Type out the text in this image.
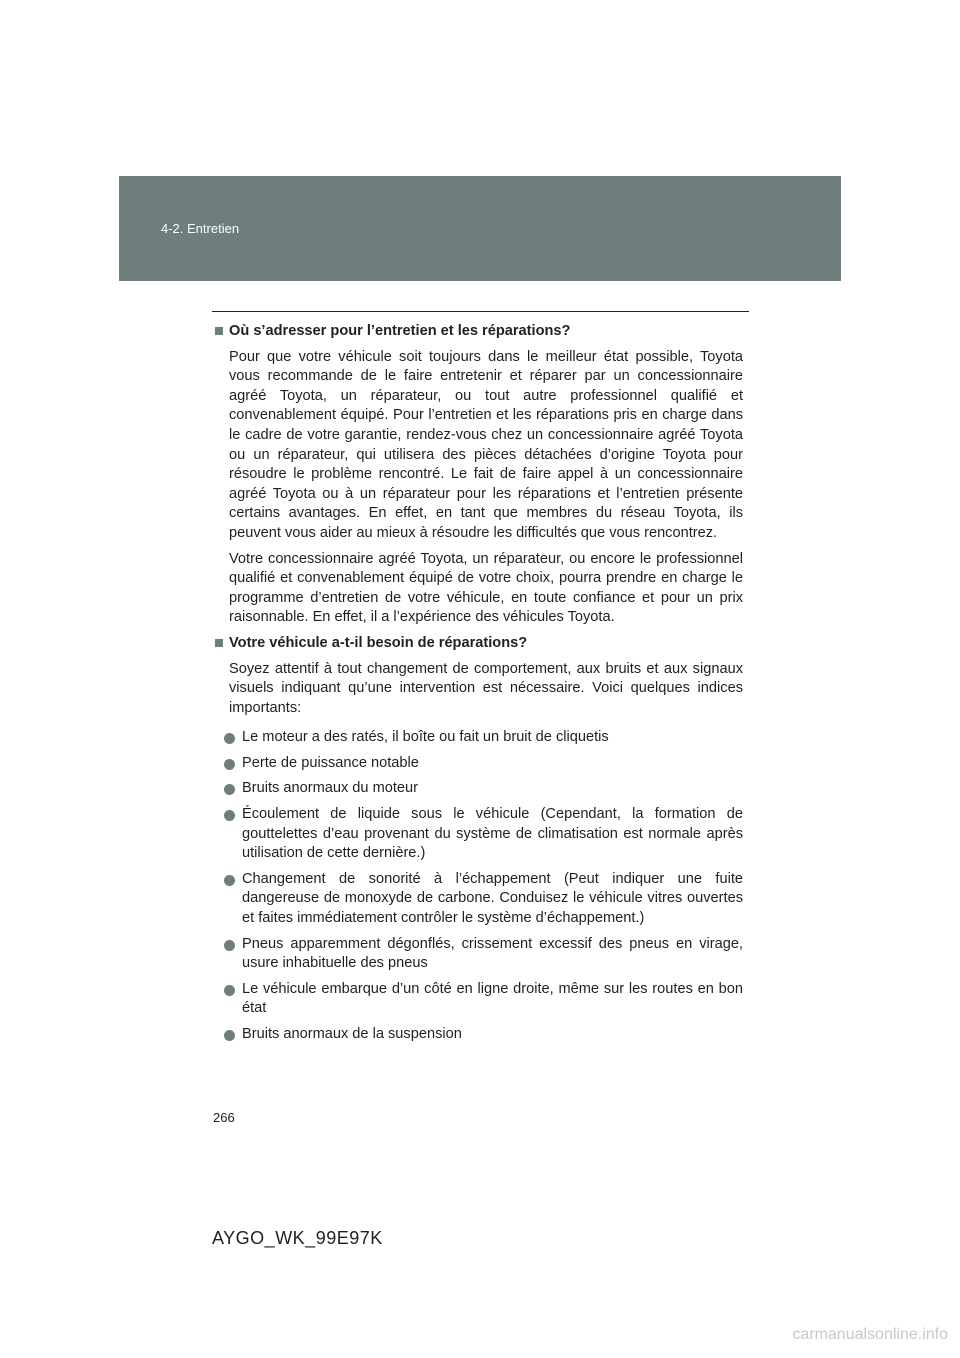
4-2. Entretien
Où s’adresser pour l’entretien et les réparations?
Pour que votre véhicule soit toujours dans le meilleur état possible, Toyota vous recommande de le faire entretenir et réparer par un concessionnaire agréé Toyota, un réparateur, ou tout autre professionnel qualifié et convenablement équipé. Pour l’entretien et les réparations pris en charge dans le cadre de votre garantie, rendez-vous chez un concessionnaire agréé Toyota ou un réparateur, qui utilisera des pièces détachées d’origine Toyota pour résoudre le problème rencontré. Le fait de faire appel à un concessionnaire agréé Toyota ou à un réparateur pour les réparations et l’entretien présente certains avantages. En effet, en tant que membres du réseau Toyota, ils peuvent vous aider au mieux à résoudre les difficultés que vous rencontrez.
Votre concessionnaire agréé Toyota, un réparateur, ou encore le professionnel qualifié et convenablement équipé de votre choix, pourra prendre en charge le programme d’entretien de votre véhicule, en toute confiance et pour un prix raisonnable. En effet, il a l’expérience des véhicules Toyota.
Votre véhicule a-t-il besoin de réparations?
Soyez attentif à tout changement de comportement, aux bruits et aux signaux visuels indiquant qu’une intervention est nécessaire. Voici quelques indices importants:
Le moteur a des ratés, il boîte ou fait un bruit de cliquetis
Perte de puissance notable
Bruits anormaux du moteur
Écoulement de liquide sous le véhicule (Cependant, la formation de gouttelettes d’eau provenant du système de climatisation est normale après utilisation de cette dernière.)
Changement de sonorité à l’échappement (Peut indiquer une fuite dangereuse de monoxyde de carbone. Conduisez le véhicule vitres ouvertes et faites immédiatement contrôler le système d’échappement.)
Pneus apparemment dégonflés, crissement excessif des pneus en virage, usure inhabituelle des pneus
Le véhicule embarque d’un côté en ligne droite, même sur les routes en bon état
Bruits anormaux de la suspension
266
AYGO_WK_99E97K
carmanualsonline.info
